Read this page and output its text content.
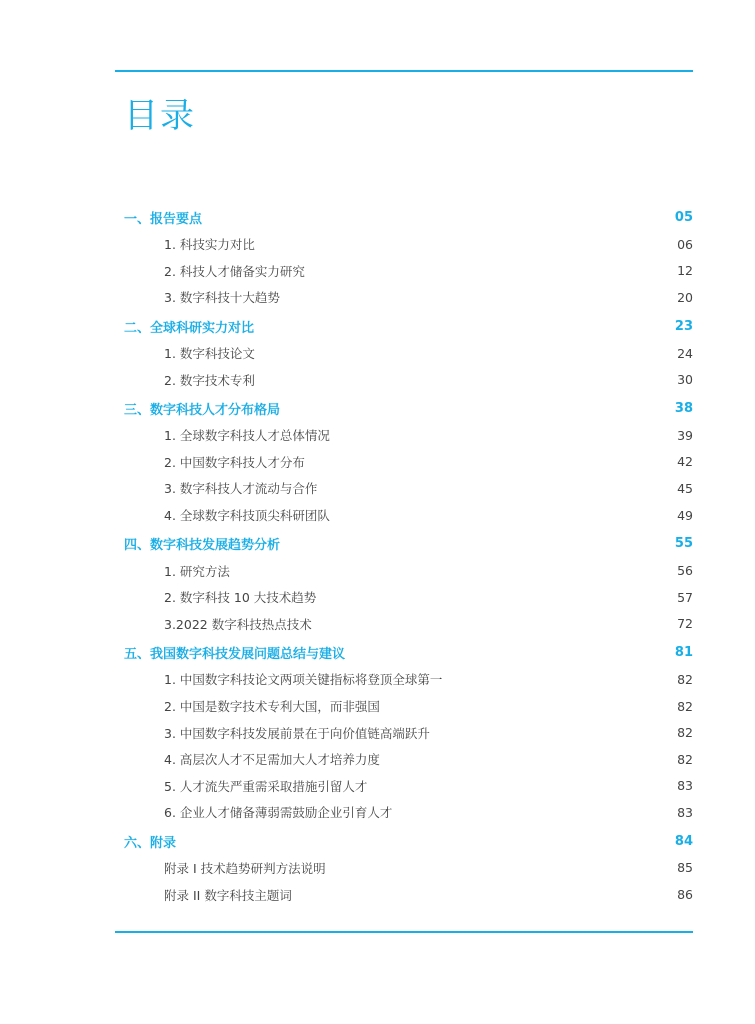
目录
一、报告要点	05
1. 科技实力对比	06
2. 科技人才储备实力研究	12
3. 数字科技十大趋势	20
二、全球科研实力对比	23
1. 数字科技论文	24
2. 数字技术专利	30
三、数字科技人才分布格局	38
1. 全球数字科技人才总体情况	39
2. 中国数字科技人才分布	42
3. 数字科技人才流动与合作	45
4. 全球数字科技顶尖科研团队	49
四、数字科技发展趋势分析	55
1. 研究方法	56
2. 数字科技 10 大技术趋势	57
3.2022 数字科技热点技术	72
五、我国数字科技发展问题总结与建议	81
1. 中国数字科技论文两项关键指标将登顶全球第一	82
2. 中国是数字技术专利大国，而非强国	82
3. 中国数字科技发展前景在于向价值链高端跃升	82
4. 高层次人才不足需加大人才培养力度	82
5. 人才流失严重需采取措施引留人才	83
6. 企业人才储备薄弱需鼓励企业引育人才	83
六、附录	84
附录 I 技术趋势研判方法说明	85
附录 II 数字科技主题词	86
